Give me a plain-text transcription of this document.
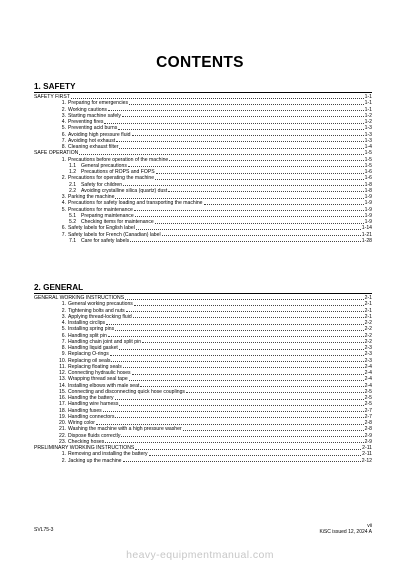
CONTENTS
1. SAFETY
SAFETY FIRST	1-1
1. Preparing for emergencies	1-1
2. Working cautions	1-1
3. Starting machine safely	1-2
4. Preventing fires	1-2
5. Preventing acid burns	1-3
6. Avoiding high pressure fluid	1-3
7. Avoiding hot exhaust	1-3
8. Cleaning exhaust filter	1-4
SAFE OPERATION	1-5
1. Precautions before operation of the machine	1-5
1.1 General precautions	1-5
1.2 Precautions of ROPS and FOPS	1-6
2. Precautions for operating the machine	1-6
2.1 Safety for children	1-8
2.2 Avoiding crystalline silica (quartz) dust	1-8
3. Parking the machine	1-9
4. Precautions for safety loading and transporting the machine	1-9
5. Precautions for maintenance	1-9
5.1 Preparing maintenance	1-9
5.2 Checking items for maintenance	1-9
6. Safety labels for English label	1-14
7. Safety labels for French (Canadian) label	1-21
7.1 Care for safety labels	1-28
2. GENERAL
GENERAL WORKING INSTRUCTIONS	2-1
1. General working precautions	2-1
2. Tightening bolts and nuts	2-1
3. Applying thread-locking fluid	2-1
4. Installing circlips	2-2
5. Installing spring pins	2-2
6. Handling split pin	2-2
7. Handling chain joint and split pin	2-2
8. Handling liquid gasket	2-3
9. Replacing O-rings	2-3
10. Replacing oil seals	2-3
11. Replacing floating seals	2-4
12. Connecting hydraulic hoses	2-4
13. Wrapping thread seal tape	2-4
14. Installing elbows with male seat	2-4
15. Connecting and disconnecting quick hose couplings	2-5
16. Handling the battery	2-5
17. Handling wire harness	2-5
18. Handling fuses	2-7
19. Handling connectors	2-7
20. Wiring color	2-8
21. Washing the machine with a high pressure washer	2-8
22. Dispose fluids correctly	2-9
23. Checking hoses	2-9
PRELIMINARY WORKING INSTRUCTIONS	2-11
1. Removing and installing the battery	2-11
2. Jacking up the machine	2-12
SVL75-3
vii
KiSC issued 12, 2024 A
heavy-equipmentmanual.com
